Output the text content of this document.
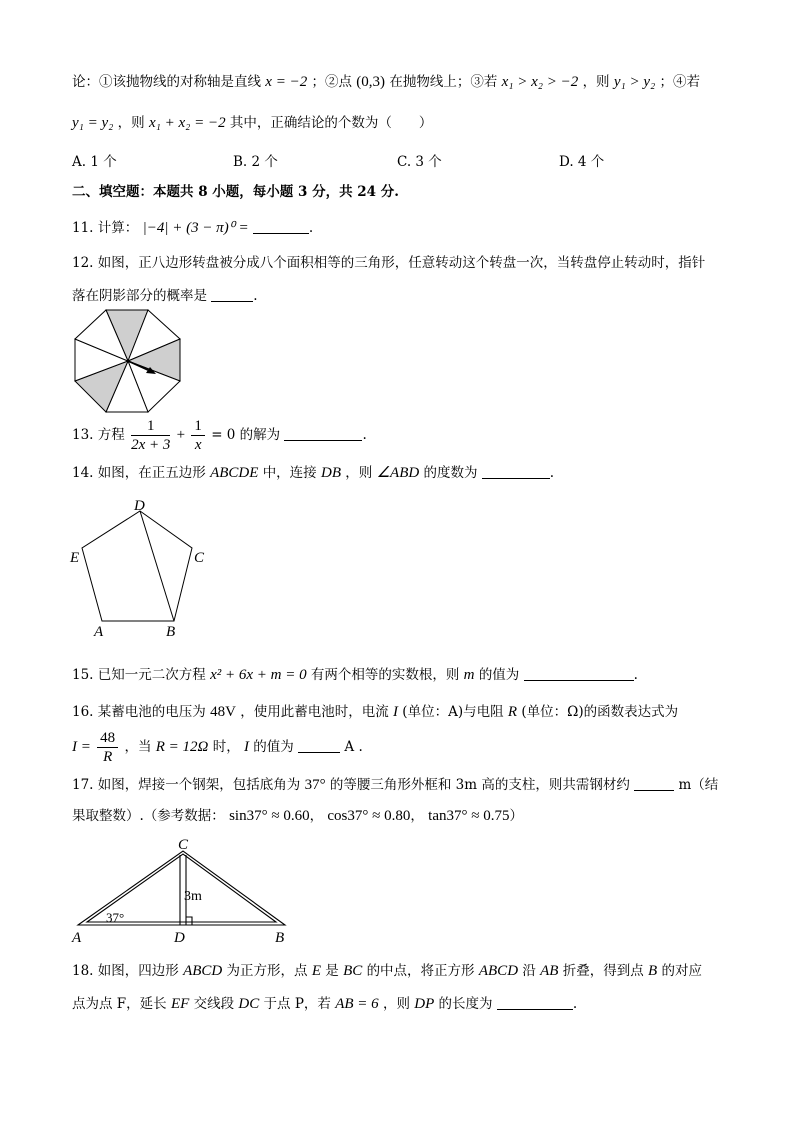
论：①该抛物线的对称轴是直线 x = −2 ；②点 (0,3) 在抛物线上；③若 x₁ > x₂ > −2 ，则 y₁ > y₂ ；④若
y₁ = y₂ ，则 x₁ + x₂ = −2 其中，正确结论的个数为（　　）
A. 1 个	B. 2 个	C. 3 个	D. 4 个
二、填空题：本题共 8 小题，每小题 3 分，共 24 分.
11. 计算： |−4| + (3 − π)⁰ =	.
12. 如图，正八边形转盘被分成八个面积相等的三角形，任意转动这个转盘一次，当转盘停止转动时，指针
落在阴影部分的概率是	.
13. 方程 $\frac{1}{2x + 3} + \frac{1}{x} = 0$ 的解为	.
14. 如图，在正五边形 ABCDE 中，连接 DB ，则 ∠ABD 的度数为	.
D
C
E
A	B
15. 已知一元二次方程 x² + 6x + m = 0 有两个相等的实数根，则 m 的值为	.
16. 某蓄电池的电压为 48V ，使用此蓄电池时，电流 I (单位：A)与电阻 R (单位：Ω)的函数表达式为
$I = \frac{48}{R}$ ，当 R = 12Ω 时， I 的值为	A .
17. 如图，焊接一个钢架，包括底角为 37° 的等腰三角形外框和 3m 高的支柱，则共需钢材约	m（结
果取整数）.（参考数据： sin37° ≈ 0.60， cos37° ≈ 0.80， tan37° ≈ 0.75）
C
A	D	B
3m
37°
18. 如图，四边形 ABCD 为正方形，点 E 是 BC 的中点，将正方形 ABCD 沿 AB 折叠，得到点 B 的对应
点为点 F，延长 EF 交线段 DC 于点 P，若 AB = 6 ，则 DP 的长度为	.
